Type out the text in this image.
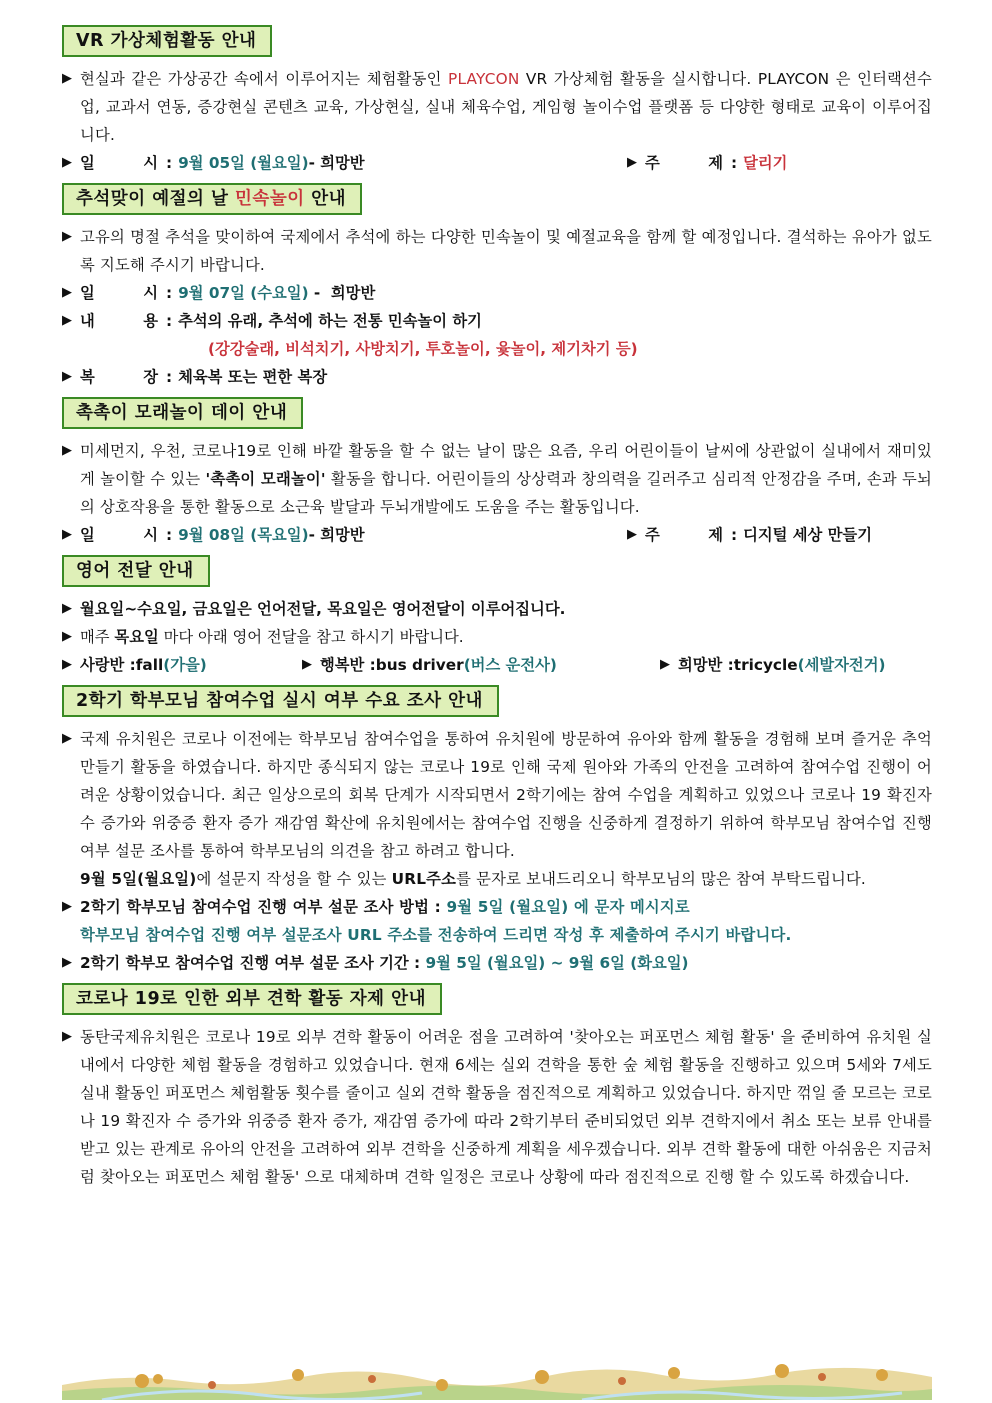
VR 가상체험활동 안내
▶ 현실과 같은 가상공간 속에서 이루어지는 체험활동인 PLAYCON VR 가상체험 활동을 실시합니다. PLAYCON 은 인터랙션수업, 교과서 연동, 증강현실 콘텐츠 교육, 가상현실, 실내 체육수업, 게임형 놀이수업 플랫폼 등 다양한 형태로 교육이 이루어집니다.
▶ 일	시 : 9월 05일 (월요일) - 희망반	▶ 주	제 : 달리기
추석맞이 예절의 날 민속놀이 안내
▶ 고유의 명절 추석을 맞이하여 국제에서 추석에 하는 다양한 민속놀이 및 예절교육을 함께 할 예정입니다. 결석하는 유아가 없도록 지도해 주시기 바랍니다.
▶ 일	시 : 9월 07일 (수요일) -  희망반
▶ 내	용 : 추석의 유래, 추석에 하는 전통 민속놀이 하기
(강강술래, 비석치기, 사방치기, 투호놀이, 윷놀이, 제기차기 등)
▶ 복	장 : 체육복 또는 편한 복장
촉촉이 모래놀이 데이 안내
▶ 미세먼지, 우천, 코로나19로 인해 바깥 활동을 할 수 없는 날이 많은 요즘, 우리 어린이들이 날씨에 상관없이 실내에서 재미있게 놀이할 수 있는 '촉촉이 모래놀이' 활동을 합니다. 어린이들의 상상력과 창의력을 길러주고 심리적 안정감을 주며, 손과 두뇌의 상호작용을 통한 활동으로 소근육 발달과 두뇌개발에도 도움을 주는 활동입니다.
▶ 일	시 : 9월 08일 (목요일) - 희망반	▶ 주	제 : 디지털 세상 만들기
영어 전달 안내
▶ 월요일~수요일, 금요일은 언어전달, 목요일은 영어전달이 이루어집니다.
▶ 매주 목요일 마다 아래 영어 전달을 참고 하시기 바랍니다.
▶ 사랑반 : fall (가을)	▶ 행복반 : bus driver (버스 운전사)	▶ 희망반 : tricycle (세발자전거)
2학기 학부모님 참여수업 실시 여부 수요 조사 안내
▶ 국제 유치원은 코로나 이전에는 학부모님 참여수업을 통하여 유치원에 방문하여 유아와 함께 활동을 경험해 보며 즐거운 추억 만들기 활동을 하였습니다. 하지만 종식되지 않는 코로나 19로 인해 국제 원아와 가족의 안전을 고려하여 참여수업 진행이 어려운 상황이었습니다. 최근 일상으로의 회복 단계가 시작되면서 2학기에는 참여 수업을 계획하고 있었으나 코로나 19 확진자 수 증가와 위중증 환자 증가 재감염 확산에 유치원에서는 참여수업 진행을 신중하게 결정하기 위하여 학부모님 참여수업 진행 여부 설문 조사를 통하여 학부모님의 의견을 참고 하려고 합니다.
9월 5일(월요일)에 설문지 작성을 할 수 있는 URL주소를 문자로 보내드리오니 학부모님의 많은 참여 부탁드립니다.
▶ 2학기 학부모님 참여수업 진행 여부 설문 조사 방법 : 9월 5일 (월요일) 에 문자 메시지로
학부모님 참여수업 진행 여부 설문조사 URL 주소를 전송하여 드리면 작성 후 제출하여 주시기 바랍니다.
▶ 2학기 학부모 참여수업 진행 여부 설문 조사 기간 : 9월 5일 (월요일) ~ 9월 6일 (화요일)
코로나 19로 인한 외부 견학 활동 자제 안내
▶ 동탄국제유치원은 코로나 19로 외부 견학 활동이 어려운 점을 고려하여 '찾아오는 퍼포먼스 체험 활동' 을 준비하여 유치원 실내에서 다양한 체험 활동을 경험하고 있었습니다. 현재 6세는 실외 견학을 통한 숲 체험 활동을 진행하고 있으며 5세와 7세도 실내 활동인 퍼포먼스 체험활동 횟수를 줄이고 실외 견학 활동을 점진적으로 계획하고 있었습니다. 하지만 꺾일 줄 모르는 코로나 19 확진자 수 증가와 위중증 환자 증가, 재감염 증가에 따라 2학기부터 준비되었던 외부 견학지에서 취소 또는 보류 안내를 받고 있는 관계로 유아의 안전을 고려하여 외부 견학을 신중하게 계획을 세우겠습니다. 외부 견학 활동에 대한 아쉬움은 지금처럼 찾아오는 퍼포먼스 체험 활동' 으로 대체하며 견학 일정은 코로나 상황에 따라 점진적으로 진행 할 수 있도록 하겠습니다.
